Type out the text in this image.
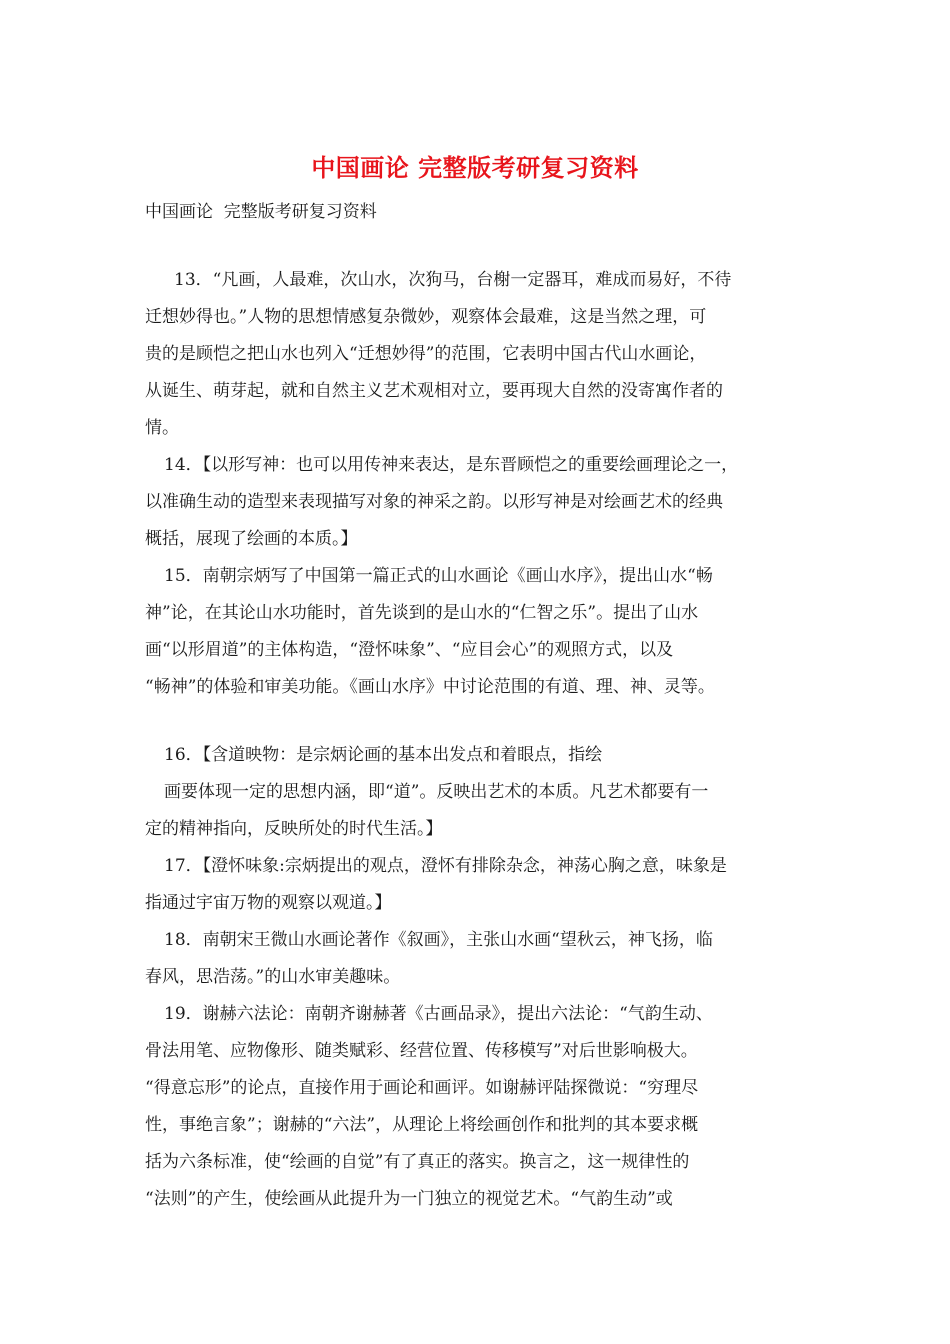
中国画论 完整版考研复习资料
中国画论  完整版考研复习资料
13．“凡画，人最难，次山水，次狗马，台榭一定器耳，难成而易好，不待
迁想妙得也。”人物的思想情感复杂微妙，观察体会最难，这是当然之理，可
贵的是顾恺之把山水也列入“迁想妙得”的范围，它表明中国古代山水画论，
从诞生、萌芽起，就和自然主义艺术观相对立，要再现大自然的没寄寓作者的
情。
14．【以形写神：也可以用传神来表达，是东晋顾恺之的重要绘画理论之一，
以准确生动的造型来表现描写对象的神采之韵。以形写神是对绘画艺术的经典
概括，展现了绘画的本质。】
15．南朝宗炳写了中国第一篇正式的山水画论《画山水序》，提出山水“畅
神”论，在其论山水功能时，首先谈到的是山水的“仁智之乐”。提出了山水
画“以形眉道”的主体构造，“澄怀味象”、“应目会心”的观照方式，以及
“畅神”的体验和审美功能。《画山水序》中讨论范围的有道、理、神、灵等。
16．【含道映物：是宗炳论画的基本出发点和着眼点，指绘
画要体现一定的思想内涵，即“道”。反映出艺术的本质。凡艺术都要有一
定的精神指向，反映所处的时代生活。】
17．【澄怀味象:宗炳提出的观点，澄怀有排除杂念，神荡心胸之意，味象是
指通过宇宙万物的观察以观道。】
18．南朝宋王微山水画论著作《叙画》，主张山水画“望秋云，神飞扬，临
春风，思浩荡。”的山水审美趣味。
19．谢赫六法论：南朝齐谢赫著《古画品录》，提出六法论：“气韵生动、
骨法用笔、应物像形、随类赋彩、经营位置、传移模写”对后世影响极大。
“得意忘形”的论点，直接作用于画论和画评。如谢赫评陆探微说：“穷理尽
性，事绝言象”；谢赫的“六法”，从理论上将绘画创作和批判的其本要求概
括为六条标准，使“绘画的自觉”有了真正的落实。换言之，这一规律性的
“法则”的产生，使绘画从此提升为一门独立的视觉艺术。“气韵生动”或
